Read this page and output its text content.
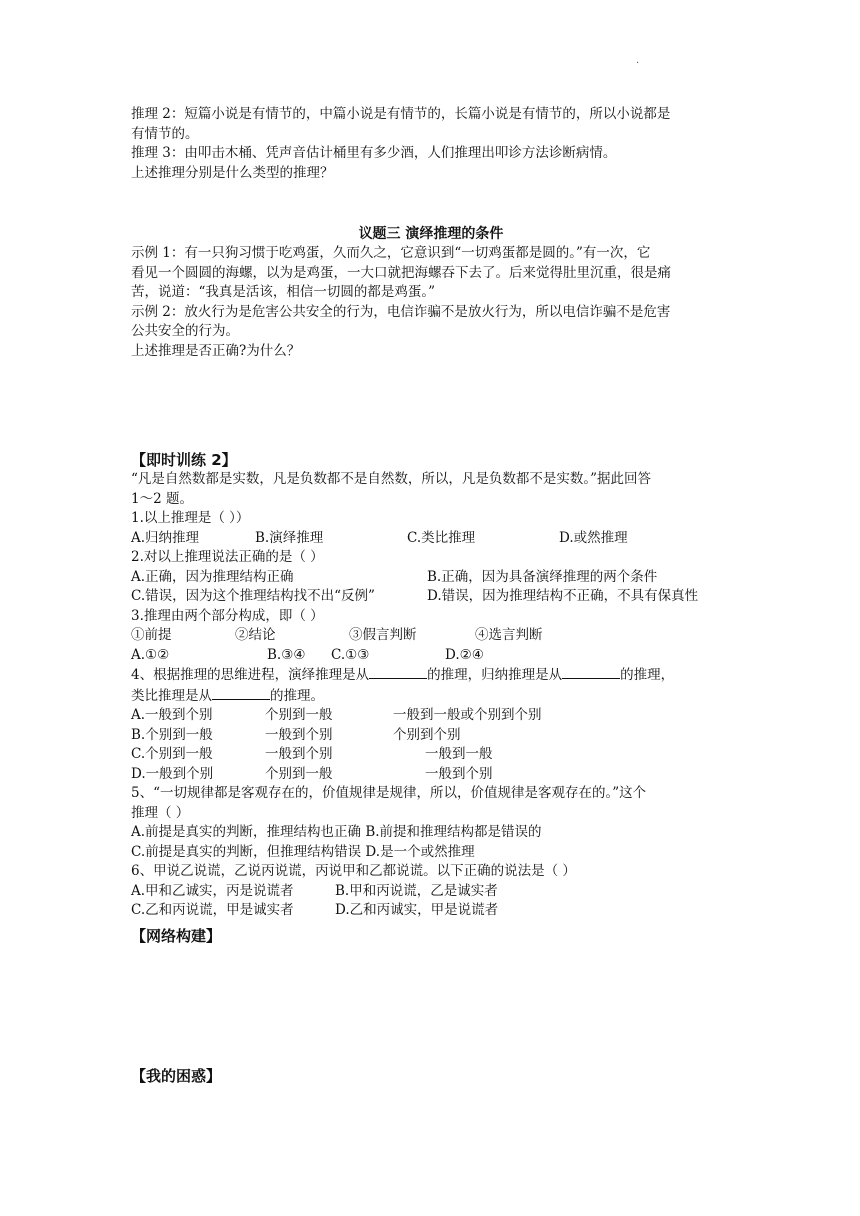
·

推理 2：短篇小说是有情节的，中篇小说是有情节的，长篇小说是有情节的，所以小说都是

有情节的。

推理 3：由叩击木桶、凭声音估计桶里有多少酒，人们推理出叩诊方法诊断病情。

上述推理分别是什么类型的推理？

议题三 演绎推理的条件

示例 1：有一只狗习惯于吃鸡蛋，久而久之，它意识到“一切鸡蛋都是圆的。”有一次，它

看见一个圆圆的海螺，以为是鸡蛋，一大口就把海螺吞下去了。后来觉得肚里沉重，很是痛

苦，说道：“我真是活该，相信一切圆的都是鸡蛋。”

示例 2：放火行为是危害公共安全的行为，电信诈骗不是放火行为，所以电信诈骗不是危害

公共安全的行为。

上述推理是否正确?为什么？

【即时训练 2】

“凡是自然数都是实数，凡是负数都不是自然数，所以，凡是负数都不是实数。”据此回答

1～2 题。

1.以上推理是（ ））

A.归纳推理	B.演绎推理	C.类比推理	D.或然推理

2.对以上推理说法正确的是（ ）

A.正确，因为推理结构正确	B.正确，因为具备演绎推理的两个条件
C.错误，因为这个推理结构找不出“反例”	D.错误，因为推理结构不正确，不具有保真性

3.推理由两个部分构成，即（ ）

①前提	②结论	③假言判断	④选言判断
A.①②	B.③④	C.①③	D.②④

4、根据推理的思维进程，演绎推理是从	的推理，归纳推理是从	的推理，

类比推理是从	的推理。

A.一般到个别	个别到一般	一般到一般或个别到个别
B.个别到一般	一般到个别	个别到个别
C.个别到一般	一般到个别	一般到一般
D.一般到个别	个别到一般	一般到个别

5、“一切规律都是客观存在的，价值规律是规律，所以，价值规律是客观存在的。”这个

推理（ ）

A.前提是真实的判断，推理结构也正确 B.前提和推理结构都是错误的

C.前提是真实的判断，但推理结构错误 D.是一个或然推理

6、甲说乙说谎，乙说丙说谎，丙说甲和乙都说谎。以下正确的说法是（ ）

A.甲和乙诚实，丙是说谎者	B.甲和丙说谎，乙是诚实者
C.乙和丙说谎，甲是诚实者	D.乙和丙诚实，甲是说谎者
【网络构建】
【我的困惑】
